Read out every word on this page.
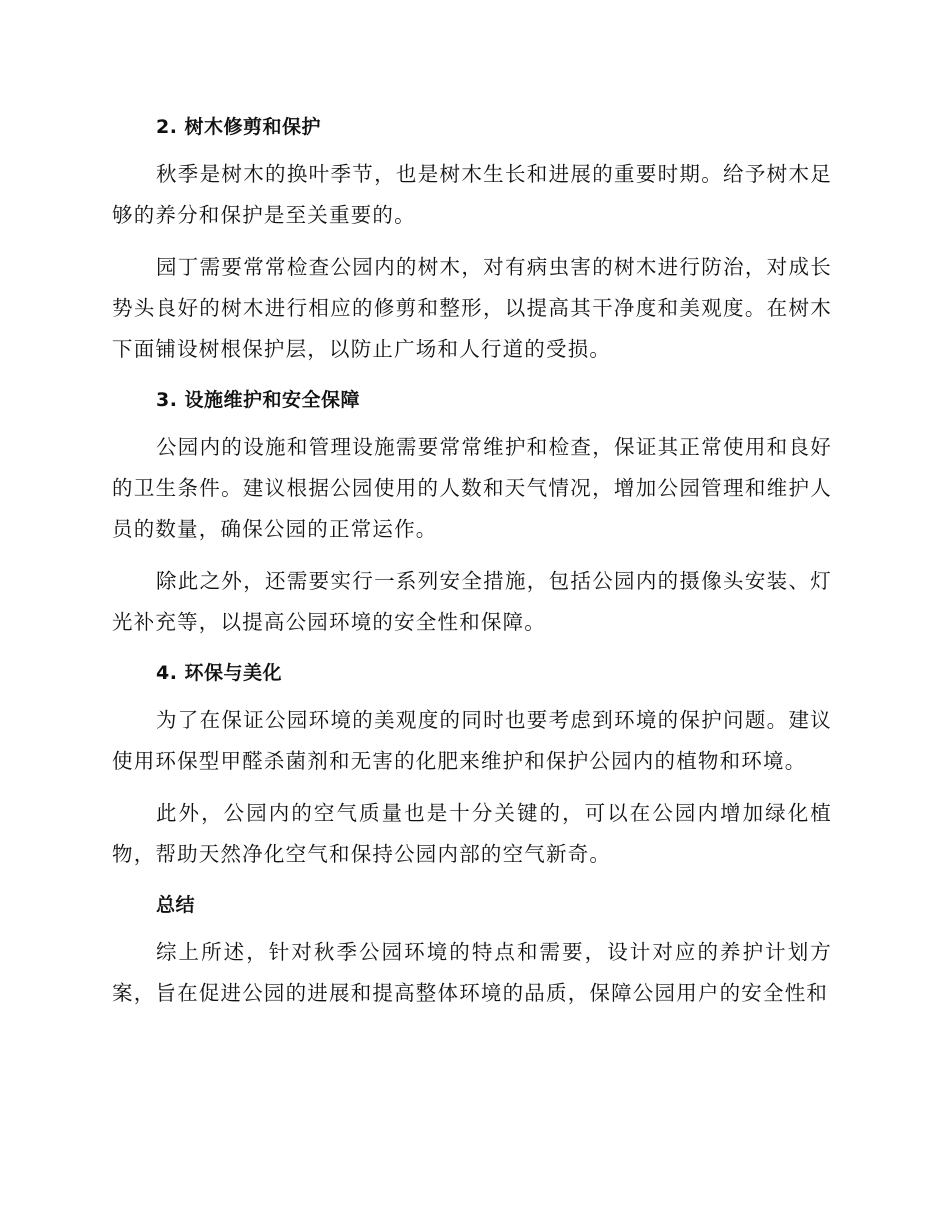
2. 树木修剪和保护

秋季是树木的换叶季节，也是树木生长和进展的重要时期。给予树木足够的养分和保护是至关重要的。

园丁需要常常检查公园内的树木，对有病虫害的树木进行防治，对成长势头良好的树木进行相应的修剪和整形，以提高其干净度和美观度。在树木下面铺设树根保护层，以防止广场和人行道的受损。

3. 设施维护和安全保障

公园内的设施和管理设施需要常常维护和检查，保证其正常使用和良好的卫生条件。建议根据公园使用的人数和天气情况，增加公园管理和维护人员的数量，确保公园的正常运作。

除此之外，还需要实行一系列安全措施，包括公园内的摄像头安装、灯光补充等，以提高公园环境的安全性和保障。

4. 环保与美化

为了在保证公园环境的美观度的同时也要考虑到环境的保护问题。建议使用环保型甲醛杀菌剂和无害的化肥来维护和保护公园内的植物和环境。

此外，公园内的空气质量也是十分关键的，可以在公园内增加绿化植物，帮助天然净化空气和保持公园内部的空气新奇。

总结

综上所述，针对秋季公园环境的特点和需要，设计对应的养护计划方案，旨在促进公园的进展和提高整体环境的品质，保障公园用户的安全性和
